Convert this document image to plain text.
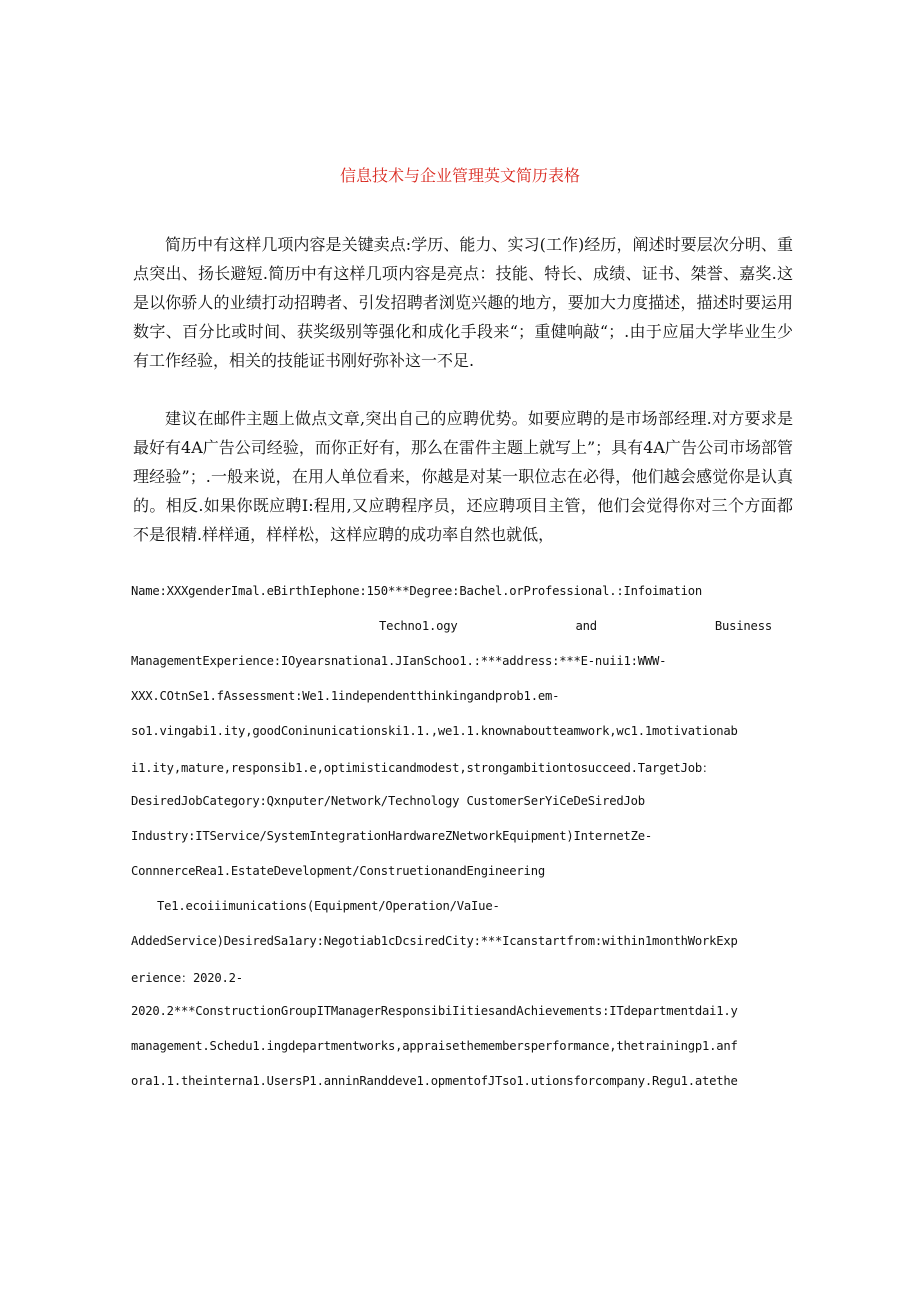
信息技术与企业管理英文简历表格

简历中有这样几项内容是关键卖点:学历、能力、实习(工作)经历，阐述时要层次分明、重点突出、扬长避短.简历中有这样几项内容是亮点：技能、特长、成绩、证书、桀誉、嘉奖.这是以你骄人的业绩打动招聘者、引发招聘者浏览兴趣的地方，要加大力度描述，描述时要运用数字、百分比或时间、获奖级别等强化和成化手段来“；重健响敲“；.由于应届大学毕业生少有工作经验，相关的技能证书刚好弥补这一不足.

建议在邮件主题上做点文章,突出自己的应聘优势。如要应聘的是市场部经理.对方要求是最好有4A广告公司经验，而你正好有，那么在雷件主题上就写上”；具有4A广告公司市场部管理经验”；.一般来说，在用人单位看来，你越是对某一职位志在必得，他们越会感觉你是认真的。相反.如果你既应聘I:程用,又应聘程序员，还应聘项目主管，他们会觉得你对三个方面都不是很精.样样通，样样松，这样应聘的成功率自然也就低，

Name:XXXgenderImal.eBirthIephone:150***Degree:Bachel.orProfessional.:Infoimation
Techno1.ogy	and	Business
ManagementExperience:IOyearsnationa1.JIanSchoo1.:***address:***E-nuii1:WWW-
XXX.COtnSe1.fAssessment:We1.1independentthinkingandprob1.em-
so1.vingabi1.ity,goodConinunicationski1.1.,we1.1.knownaboutteamwork,wc1.1motivationab
i1.ity,mature,responsib1.e,optimisticandmodest,strongambitiontosucceed.TargetJob：
DesiredJobCategory:Qxnρuter/Network/Technology CustomerSerYiCeDeSiredJob
Industry:ITService/SystemIntegrationHardwareZNetworkEquipment)InternetZe-
ConnnerceRea1.EstateDevelopment/ConstruetionandEngineering
Te1.ecoiiimunications(Equipment/Operation/VaIue-
AddedService)DesiredSa1ary:Negotiab1cDcsiredCity:***Icanstartfrom:within1monthWorkExp
erience：2020.2-
2020.2***ConstructionGroupITManagerResponsibiIitiesandAchievements:ITdepartmentdai1.y
management.Schedu1.ingdepartmentworks,appraisethemembersperformance,thetrainingp1.anf
ora1.1.theinterna1.UsersP1.anninRanddeve1.opmentofJTso1.utionsforcompany.Regu1.atethe
